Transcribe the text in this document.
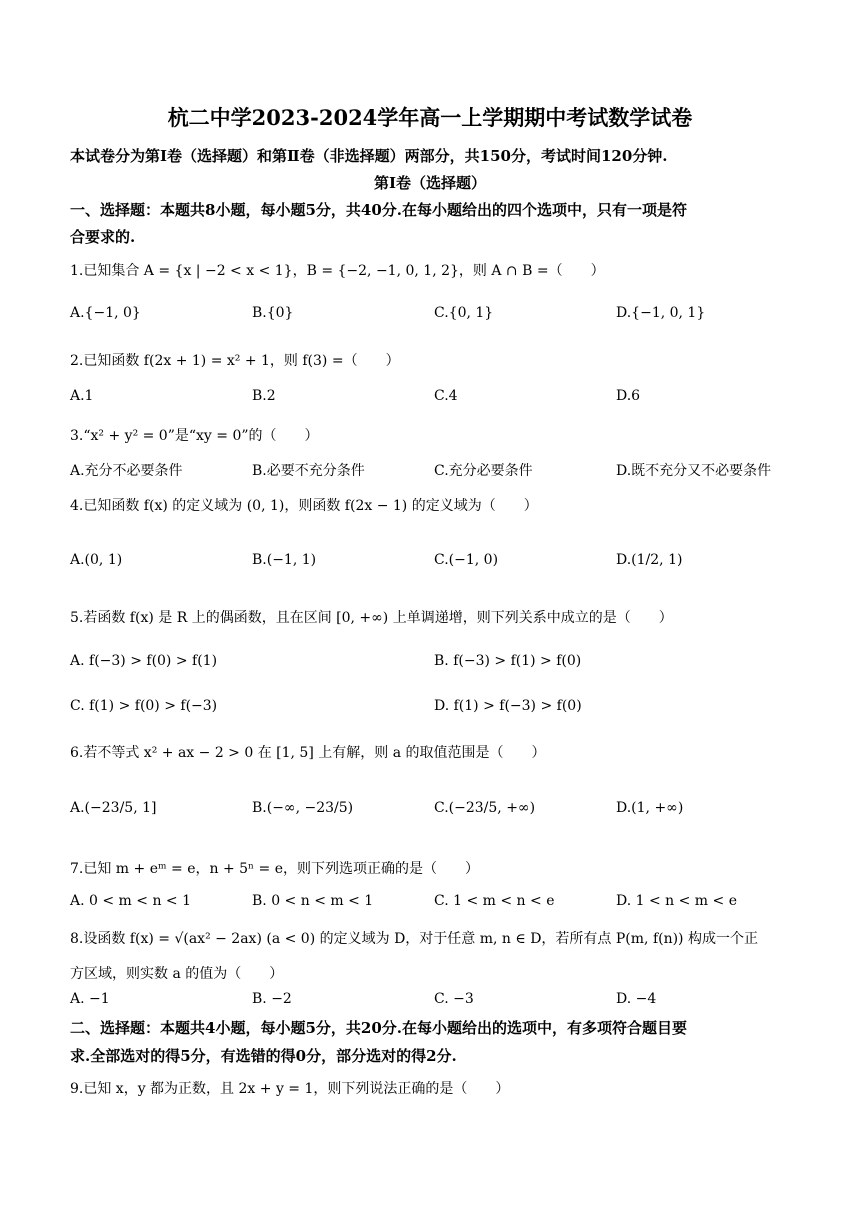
杭二中学2023-2024学年高一上学期期中考试数学试卷
本试卷分为第Ⅰ卷（选择题）和第Ⅱ卷（非选择题）两部分，共150分，考试时间120分钟.
第Ⅰ卷（选择题）
一、选择题：本题共8小题，每小题5分，共40分.在每小题给出的四个选项中，只有一项是符
合要求的.
1.已知集合 A = {x | −2 < x < 1}，B = {−2, −1, 0, 1, 2}，则 A ∩ B =（　　）
A.{−1, 0}	B.{0}	C.{0, 1}	D.{−1, 0, 1}
2.已知函数 f(2x + 1) = x² + 1，则 f(3) =（　　）
A.1	B.2	C.4	D.6
3.“x² + y² = 0”是“xy = 0”的（　　）
A.充分不必要条件	B.必要不充分条件	C.充分必要条件	D.既不充分又不必要条件
4.已知函数 f(x) 的定义域为 (0, 1)，则函数 f(2x − 1) 的定义域为（　　）
A.(0, 1)	B.(−1, 1)	C.(−1, 0)	D.(1/2, 1)
5.若函数 f(x) 是 R 上的偶函数，且在区间 [0, +∞) 上单调递增，则下列关系中成立的是（　　）
A. f(−3) > f(0) > f(1)	B. f(−3) > f(1) > f(0)
C. f(1) > f(0) > f(−3)	D. f(1) > f(−3) > f(0)
6.若不等式 x² + ax − 2 > 0 在 [1, 5] 上有解，则 a 的取值范围是（　　）
A.(−23/5, 1]	B.(−∞, −23/5)	C.(−23/5, +∞)	D.(1, +∞)
7.已知 m + eᵐ = e，n + 5ⁿ = e，则下列选项正确的是（　　）
A. 0 < m < n < 1	B. 0 < n < m < 1	C. 1 < m < n < e	D. 1 < n < m < e
8.设函数 f(x) = √(ax² − 2ax) (a < 0) 的定义域为 D，对于任意 m, n ∈ D，若所有点 P(m, f(n)) 构成一个正
方区域，则实数 a 的值为（　　）
A. −1	B. −2	C. −3	D. −4
二、选择题：本题共4小题，每小题5分，共20分.在每小题给出的选项中，有多项符合题目要
求.全部选对的得5分，有选错的得0分，部分选对的得2分.
9.已知 x，y 都为正数，且 2x + y = 1，则下列说法正确的是（　　）
